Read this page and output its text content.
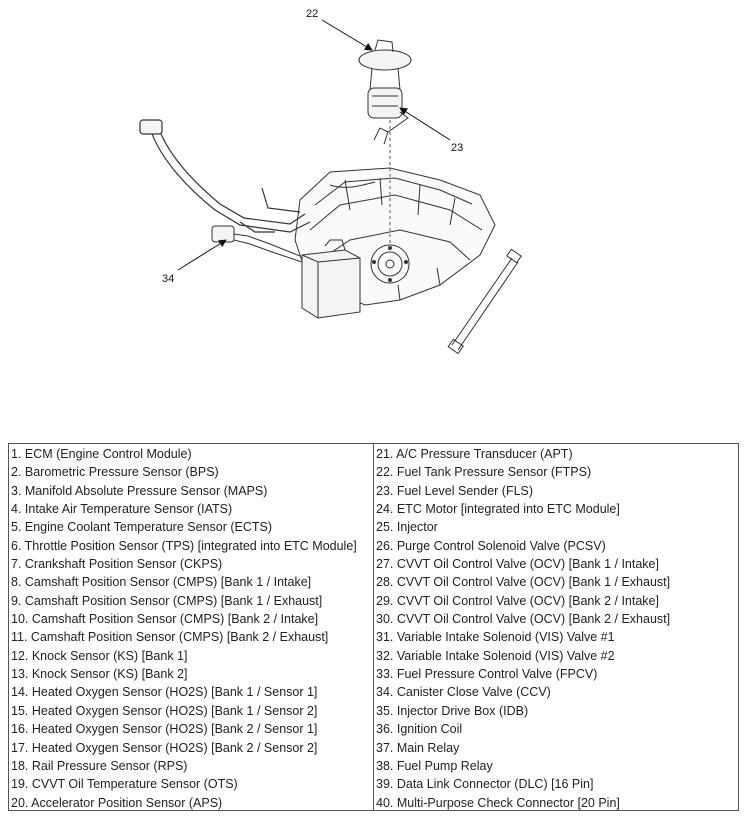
22
23
34
1. ECM (Engine Control Module)
2. Barometric Pressure Sensor (BPS)
3. Manifold Absolute Pressure Sensor (MAPS)
4. Intake Air Temperature Sensor (IATS)
5. Engine Coolant Temperature Sensor (ECTS)
6. Throttle Position Sensor (TPS) [integrated into ETC Module]
7. Crankshaft Position Sensor (CKPS)
8. Camshaft Position Sensor (CMPS) [Bank 1 / Intake]
9. Camshaft Position Sensor (CMPS) [Bank 1 / Exhaust]
10. Camshaft Position Sensor (CMPS) [Bank 2 / Intake]
11. Camshaft Position Sensor (CMPS) [Bank 2 / Exhaust]
12. Knock Sensor (KS) [Bank 1]
13. Knock Sensor (KS) [Bank 2]
14. Heated Oxygen Sensor (HO2S) [Bank 1 / Sensor 1]
15. Heated Oxygen Sensor (HO2S) [Bank 1 / Sensor 2]
16. Heated Oxygen Sensor (HO2S) [Bank 2 / Sensor 1]
17. Heated Oxygen Sensor (HO2S) [Bank 2 / Sensor 2]
18. Rail Pressure Sensor (RPS)
19. CVVT Oil Temperature Sensor (OTS)
20. Accelerator Position Sensor (APS)
21. A/C Pressure Transducer (APT)
22. Fuel Tank Pressure Sensor (FTPS)
23. Fuel Level Sender (FLS)
24. ETC Motor [integrated into ETC Module]
25. Injector
26. Purge Control Solenoid Valve (PCSV)
27. CVVT Oil Control Valve (OCV) [Bank 1 / Intake]
28. CVVT Oil Control Valve (OCV) [Bank 1 / Exhaust]
29. CVVT Oil Control Valve (OCV) [Bank 2 / Intake]
30. CVVT Oil Control Valve (OCV) [Bank 2 / Exhaust]
31. Variable Intake Solenoid (VIS) Valve #1
32. Variable Intake Solenoid (VIS) Valve #2
33. Fuel Pressure Control Valve (FPCV)
34. Canister Close Valve (CCV)
35. Injector Drive Box (IDB)
36. Ignition Coil
37. Main Relay
38. Fuel Pump Relay
39. Data Link Connector (DLC) [16 Pin]
40. Multi-Purpose Check Connector [20 Pin]
